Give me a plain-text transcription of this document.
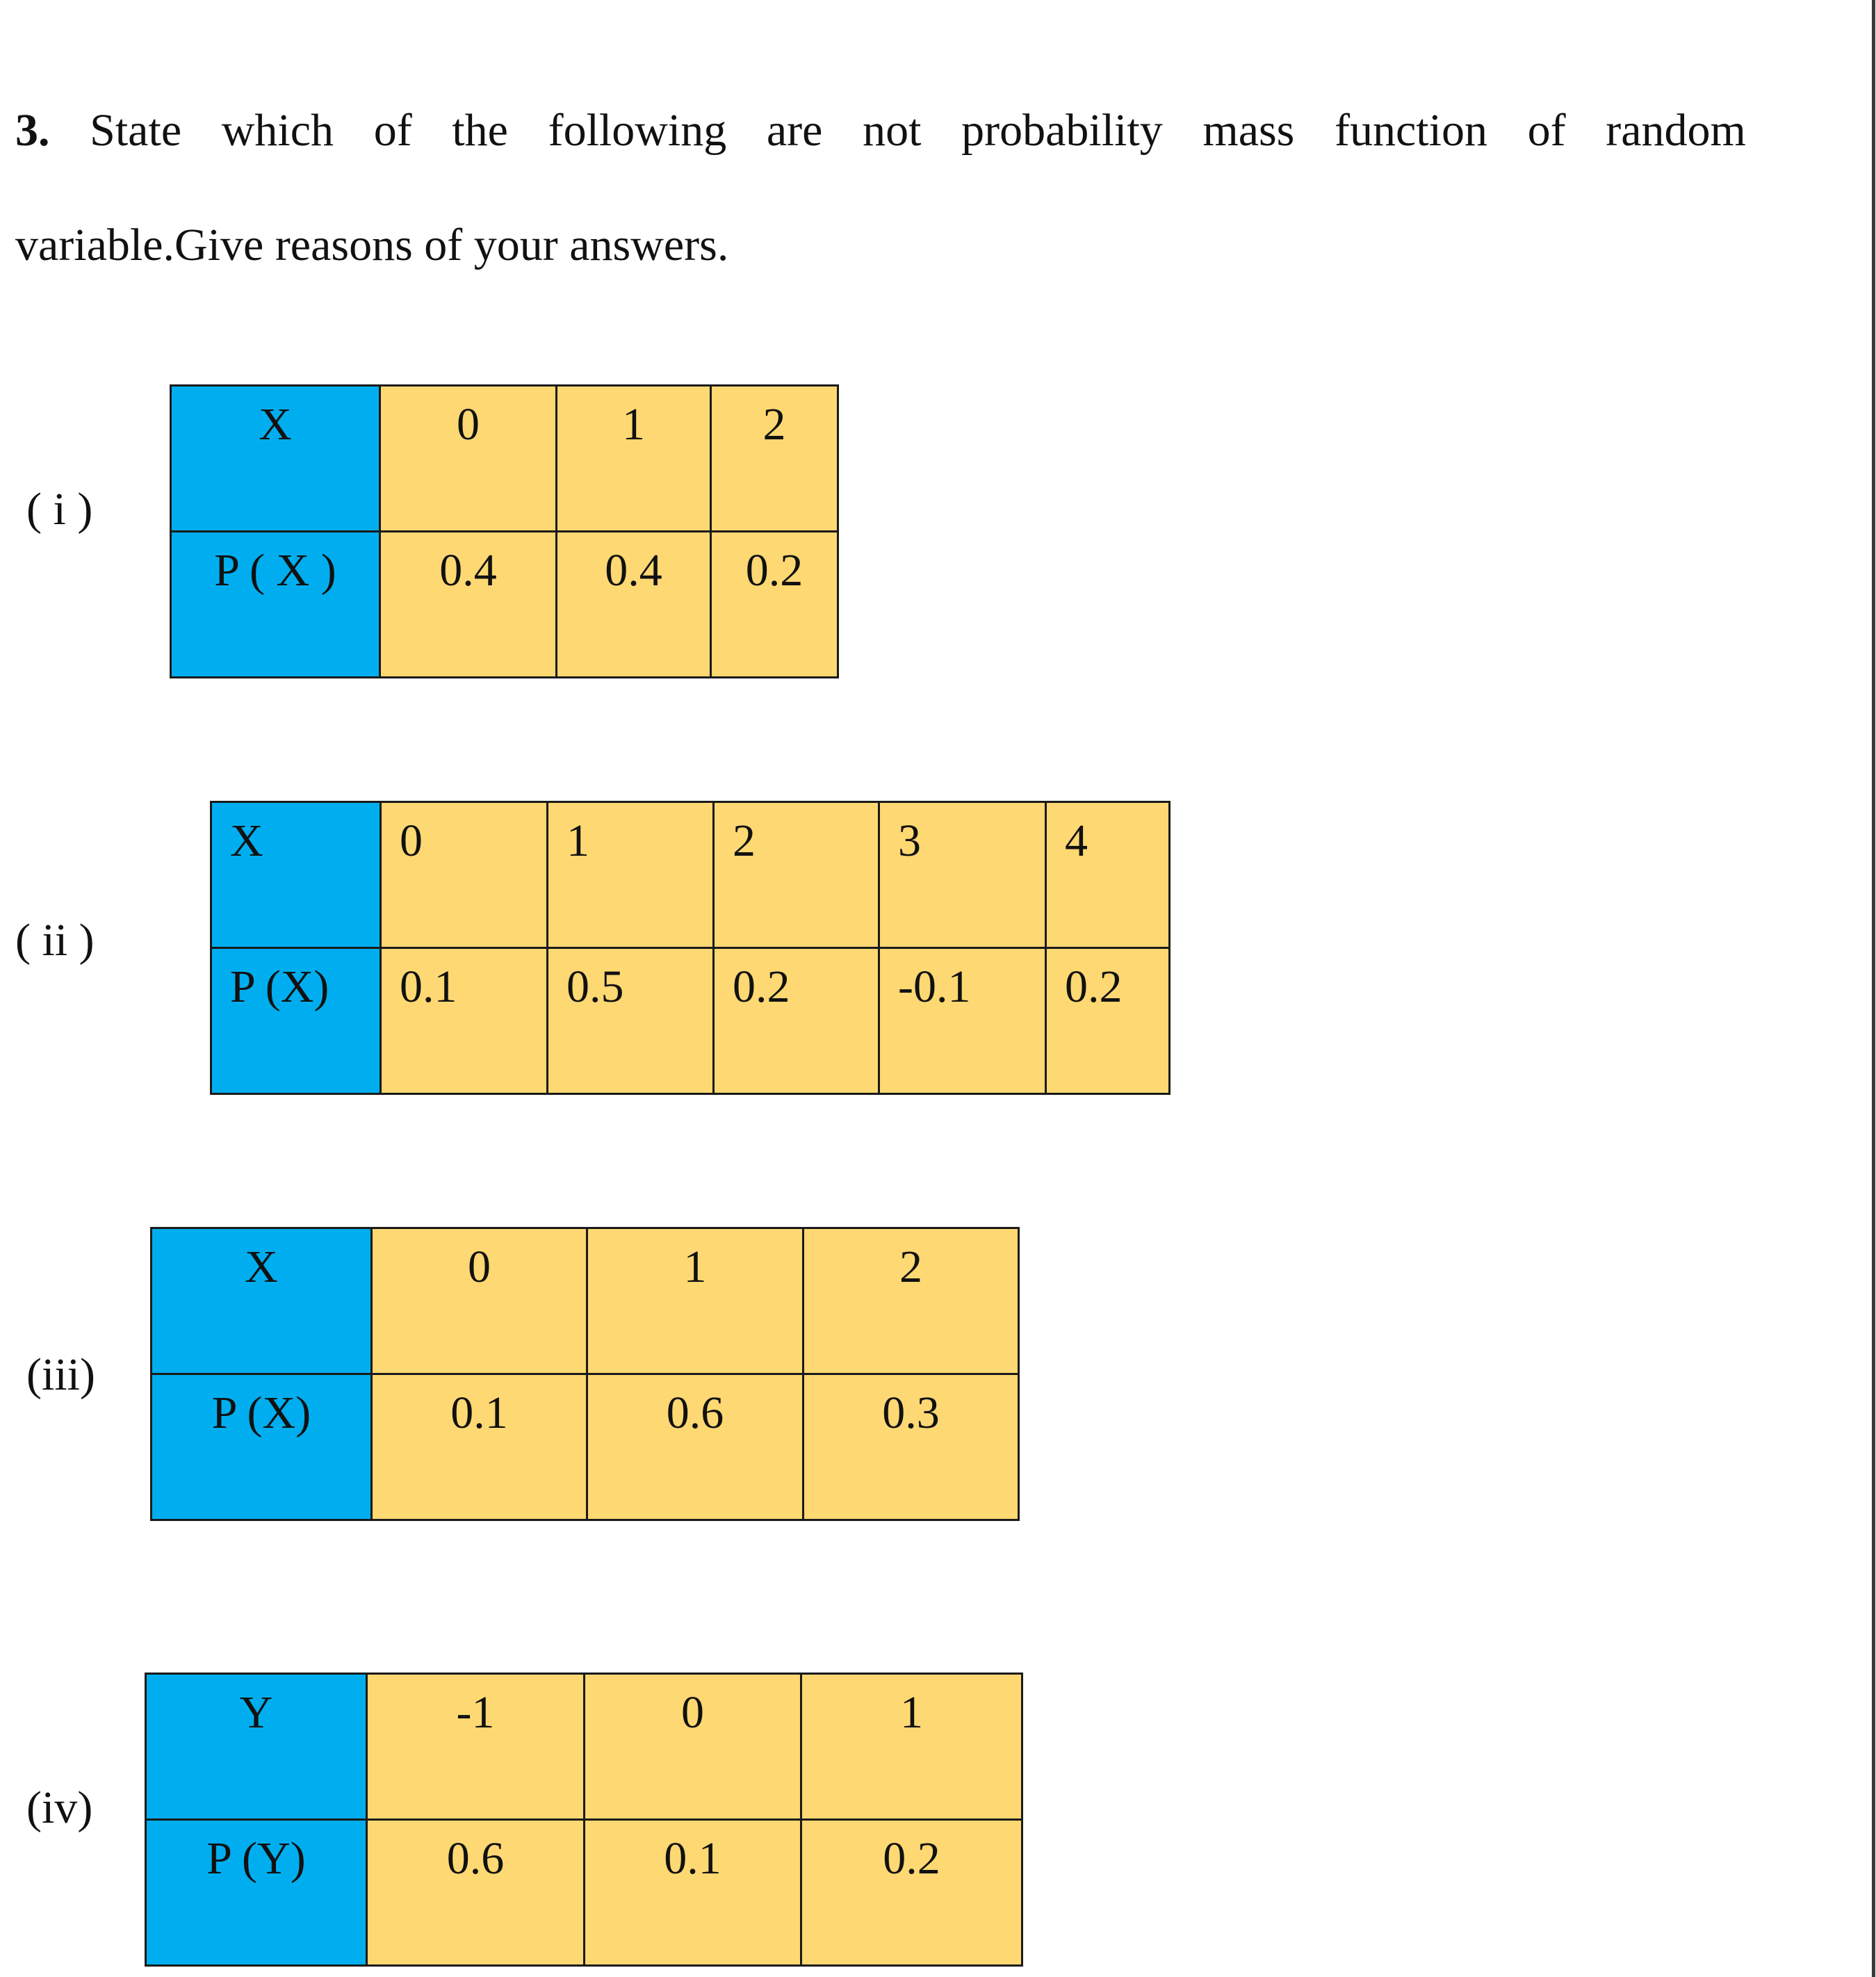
3. State which of the following are not probability mass function of random
variable.Give reasons of your answers.
( i )
X	0	1	2

P ( X )	0.4	0.4	0.2
( ii )
X	0	1	2	3	4

P (X)	0.1	0.5	0.2	-0.1	0.2
(iii)
X	0	1	2

P (X)	0.1	0.6	0.3
(iv)
Y	-1	0	1

P (Y)	0.6	0.1	0.2
